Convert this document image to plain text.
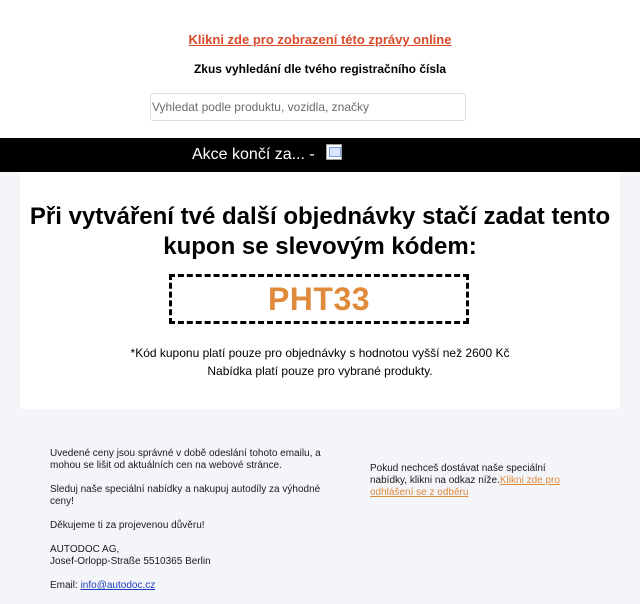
Klikni zde pro zobrazení této zprávy online
Zkus vyhledání dle tvého registračního čísla
Vyhledat podle produktu, vozidla, značky
Akce končí za... -
Při vytváření tvé další objednávky stačí zadat tento kupon se slevovým kódem:
PHT33
*Kód kuponu platí pouze pro objednávky s hodnotou vyšší než 2600 Kč
Nabídka platí pouze pro vybrané produkty.

Uvedené ceny jsou správné v době odeslání tohoto emailu, a mohou se lišit od aktuálních cen na webové stránce.

Sleduj naše speciální nabídky a nakupuj autodíly za výhodné ceny!

Děkujeme ti za projevenou důvěru!

AUTODOC AG,
Josef-Orlopp-Straße 5510365 Berlin

Email: info@autodoc.cz

Pokud nechceš dostávat naše speciální nabídky, klikni na odkaz níže.Klikni zde pro odhlášení se z odběru
